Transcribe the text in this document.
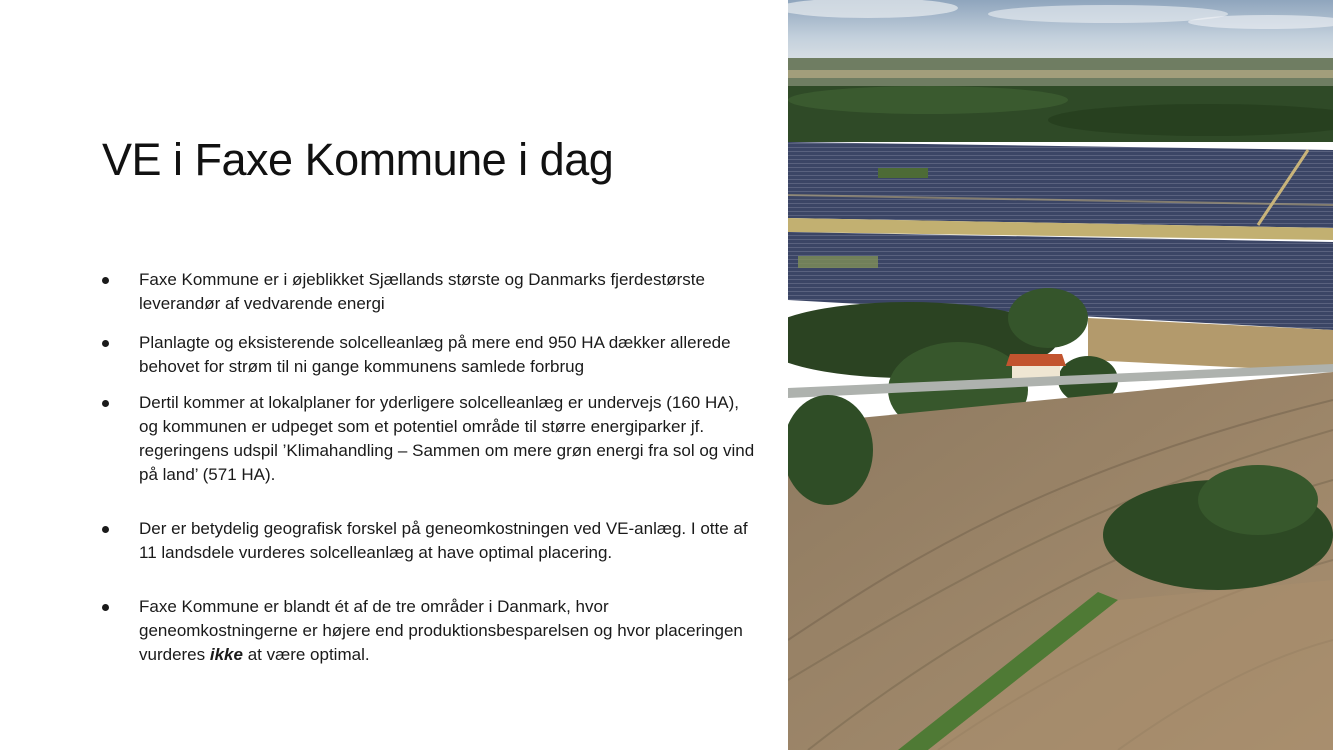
VE i Faxe Kommune i dag
Faxe Kommune er i øjeblikket Sjællands største og Danmarks fjerdestørste leverandør af vedvarende energi
Planlagte og eksisterende solcelleanlæg på mere end 950 HA dækker allerede behovet for strøm til ni gange kommunens samlede forbrug
Dertil kommer at lokalplaner for yderligere solcelleanlæg er undervejs (160 HA), og kommunen er udpeget som et potentiel område til større energiparker jf. regeringens udspil ’Klimahandling – Sammen om mere grøn energi fra sol og vind på land’ (571 HA).
Der er betydelig geografisk forskel på geneomkostningen ved VE-anlæg. I otte af 11 landsdele vurderes solcelleanlæg at have optimal placering.
Faxe Kommune er blandt ét af de tre områder i Danmark, hvor geneomkostningerne er højere end produktionsbesparelsen og hvor placeringen vurderes ikke at være optimal.
